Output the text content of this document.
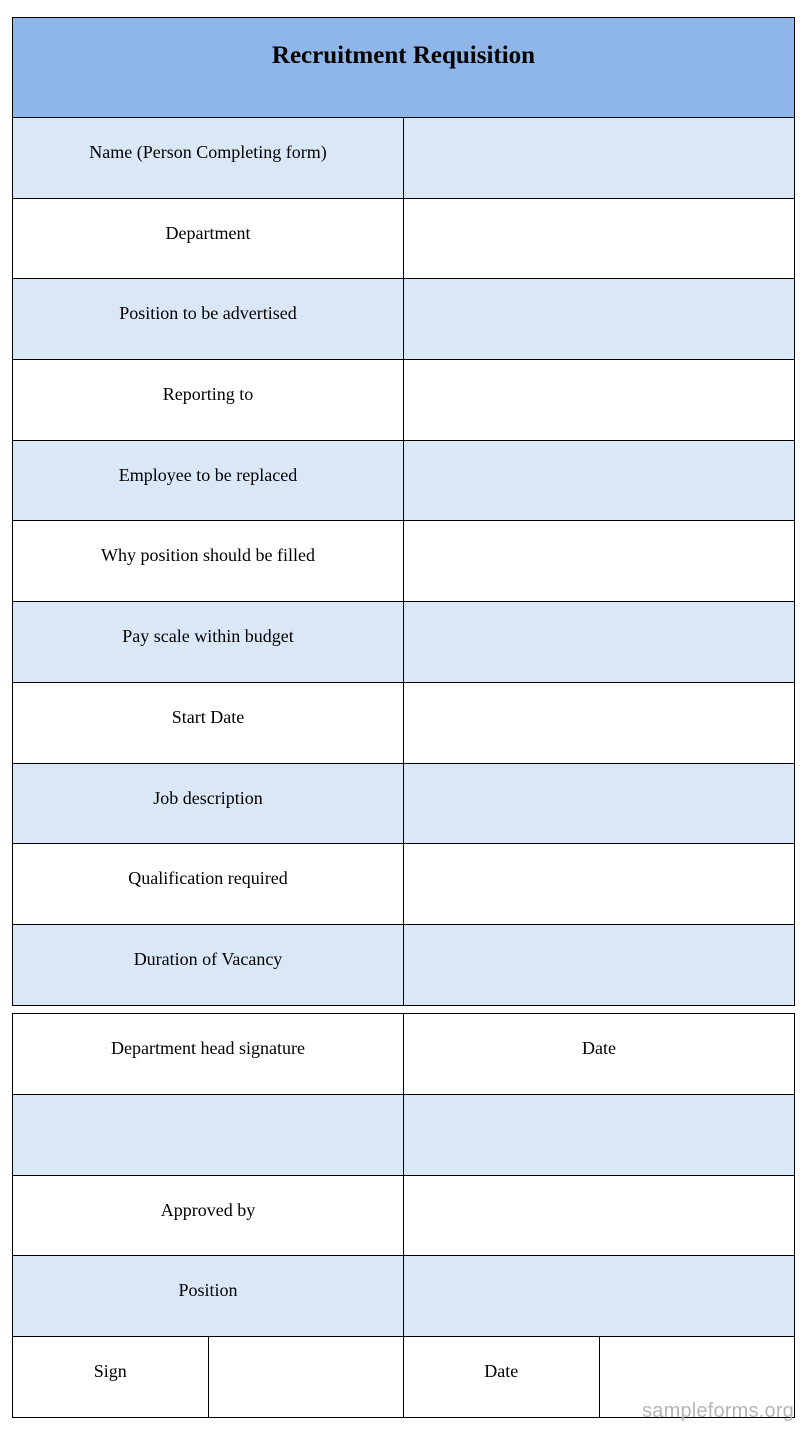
Recruitment Requisition	
Name (Person Completing form)	
Department	
Position to be advertised	
Reporting to	
Employee to be replaced	
Why position should be filled	
Pay scale within budget	
Start Date	
Job description	
Qualification required	
Duration of Vacancy	
Department head signature		Date	

Approved by			
Position			
Sign		Date	
sampleforms.org
